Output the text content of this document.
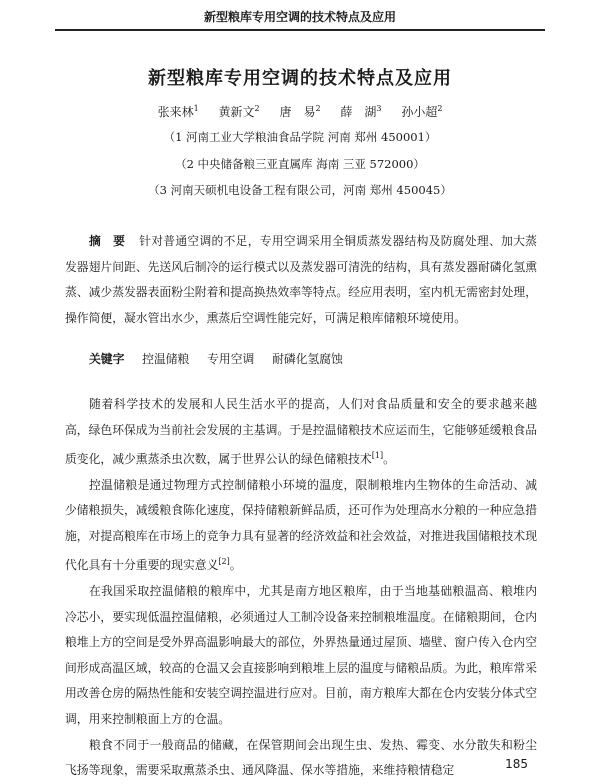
新型粮库专用空调的技术特点及应用
新型粮库专用空调的技术特点及应用
张来林$^1$ 黄新文$^2$ 唐　易$^2$ 薛　湖$^3$ 孙小超$^2$
（1 河南工业大学粮油食品学院 河南 郑州 450001）
（2 中央储备粮三亚直属库 海南 三亚 572000）
（3 河南天硕机电设备工程有限公司，河南 郑州 450045）

摘　要 针对普通空调的不足，专用空调采用全铜质蒸发器结构及防腐处理、加大蒸发器翅片间距、先送风后制冷的运行模式以及蒸发器可清洗的结构，具有蒸发器耐磷化氢熏蒸、减少蒸发器表面粉尘附着和提高换热效率等特点。经应用表明，室内机无需密封处理，操作简便，凝水管出水少，熏蒸后空调性能完好，可满足粮库储粮环境使用。

关键字 控温储粮 专用空调 耐磷化氢腐蚀

随着科学技术的发展和人民生活水平的提高，人们对食品质量和安全的要求越来越高，绿色环保成为当前社会发展的主基调。于是控温储粮技术应运而生，它能够延缓粮食品质变化，减少熏蒸杀虫次数，属于世界公认的绿色储粮技术[1]。

控温储粮是通过物理方式控制储粮小环境的温度，限制粮堆内生物体的生命活动、减少储粮损失，减缓粮食陈化速度，保持储粮新鲜品质，还可作为处理高水分粮的一种应急措施，对提高粮库在市场上的竞争力具有显著的经济效益和社会效益，对推进我国储粮技术现代化具有十分重要的现实意义[2]。

在我国采取控温储粮的粮库中，尤其是南方地区粮库，由于当地基础粮温高、粮堆内冷芯小，要实现低温控温储粮，必须通过人工制冷设备来控制粮堆温度。在储粮期间，仓内粮堆上方的空间是受外界高温影响最大的部位，外界热量通过屋顶、墙壁、窗户传入仓内空间形成高温区域，较高的仓温又会直接影响到粮堆上层的温度与储粮品质。为此，粮库常采用改善仓房的隔热性能和安装空调控温进行应对。目前，南方粮库大都在仓内安装分体式空调，用来控制粮面上方的仓温。

粮食不同于一般商品的储藏，在保管期间会出现生虫、发热、霉变、水分散失和粉尘飞扬等现象，需要采取熏蒸杀虫、通风降温、保水等措施，来维持粮情稳定	185
